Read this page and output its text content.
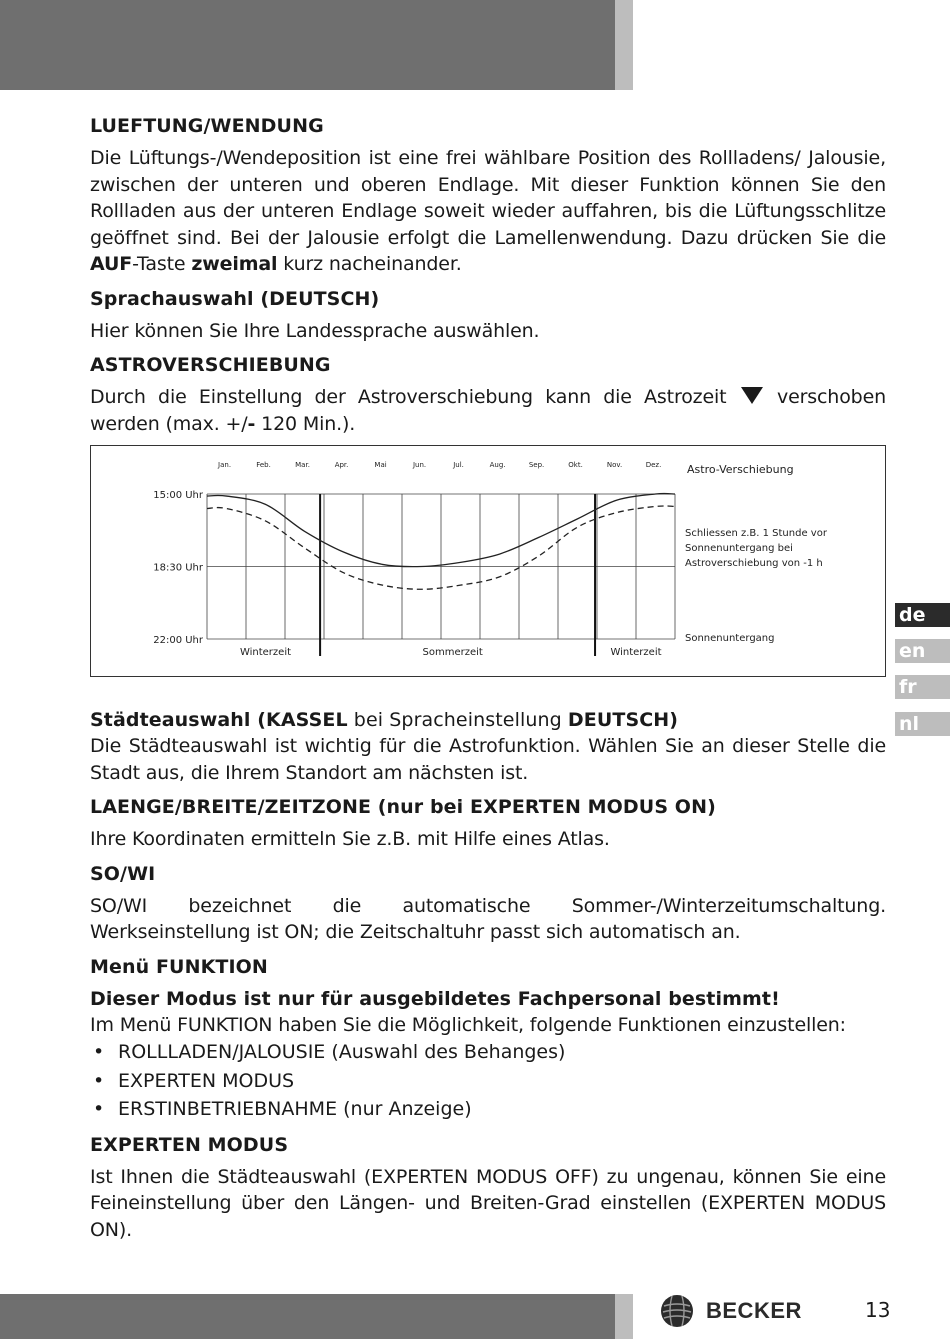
de
en
fr
nl

LUEFTUNG/WENDUNG

Die Lüftungs-/Wendeposition ist eine frei wählbare Position des Rollladens/ Jalousie, zwischen der unteren und oberen Endlage. Mit dieser Funktion können Sie den Rollladen aus der unteren Endlage soweit wieder auffahren, bis die Lüftungsschlitze geöffnet sind. Bei der Jalousie erfolgt die Lamellenwendung. Dazu drücken Sie die AUF-Taste zweimal kurz nacheinander.

Sprachauswahl (DEUTSCH)

Hier können Sie Ihre Landessprache auswählen.

ASTROVERSCHIEBUNG

Durch die Einstellung der Astroverschiebung kann die Astrozeit	verschoben werden (max. +/- 120 Min.).

Jan.	Feb.	Mar.	Apr.	Mai	Jun.	Jul.	Aug.	Sep.	Okt.	Nov.	Dez.
15:00 Uhr
18:30 Uhr
22:00 Uhr
Astro-Verschiebung
Schliessen z.B. 1 Stunde vor
Sonnenuntergang bei
Astroverschiebung von -1 h
Sonnenuntergang
Winterzeit	Sommerzeit	Winterzeit

Städteauswahl (KASSEL bei Spracheinstellung DEUTSCH)

Die Städteauswahl ist wichtig für die Astrofunktion. Wählen Sie an dieser Stelle die Stadt aus, die Ihrem Standort am nächsten ist.

LAENGE/BREITE/ZEITZONE (nur bei EXPERTEN MODUS ON)

Ihre Koordinaten ermitteln Sie z.B. mit Hilfe eines Atlas.

SO/WI

SO/WI bezeichnet die automatische Sommer-/Winterzeitumschaltung. Werkseinstellung ist ON; die Zeitschaltuhr passt sich automatisch an.

Menü FUNKTION

Dieser Modus ist nur für ausgebildetes Fachpersonal bestimmt!

Im Menü FUNKTION haben Sie die Möglichkeit, folgende Funktionen einzustellen:

• ROLLLADEN/JALOUSIE (Auswahl des Behanges)
• EXPERTEN MODUS
• ERSTINBETRIEBNAHME (nur Anzeige)

EXPERTEN MODUS

Ist Ihnen die Städteauswahl (EXPERTEN MODUS OFF) zu ungenau, können Sie eine Feineinstellung über den Längen- und Breiten-Grad einstellen (EXPERTEN MODUS ON).

BECKER	13
